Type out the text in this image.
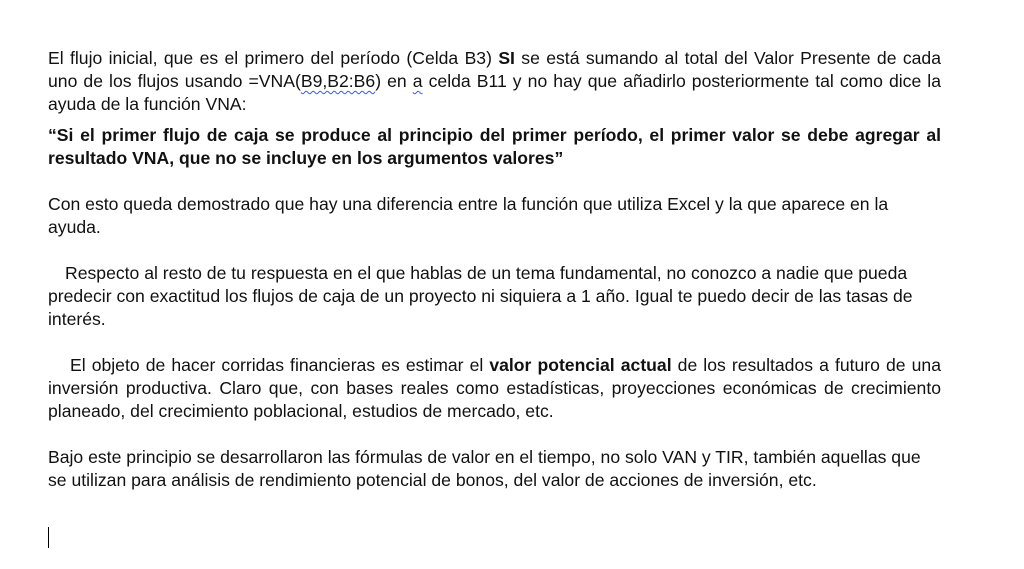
El flujo inicial, que es el primero del período (Celda B3) SI se está sumando al total del Valor Presente de cada uno de los flujos usando =VNA(B9,B2:B6) en a celda B11 y no hay que añadirlo posteriormente tal como dice la ayuda de la función VNA:

“Si el primer flujo de caja se produce al principio del primer período, el primer valor se debe agregar al resultado VNA, que no se incluye en los argumentos valores”

Con esto queda demostrado que hay una diferencia entre la función que utiliza Excel y la que aparece en la ayuda.

Respecto al resto de tu respuesta en el que hablas de un tema fundamental, no conozco a nadie que pueda predecir con exactitud los flujos de caja de un proyecto ni siquiera a 1 año. Igual te puedo decir de las tasas de interés.

El objeto de hacer corridas financieras es estimar el valor potencial actual de los resultados a futuro de una inversión productiva. Claro que, con bases reales como estadísticas, proyecciones económicas de crecimiento planeado, del crecimiento poblacional, estudios de mercado, etc.

Bajo este principio se desarrollaron las fórmulas de valor en el tiempo, no solo VAN y TIR, también aquellas que se utilizan para análisis de rendimiento potencial de bonos, del valor de acciones de inversión, etc.
